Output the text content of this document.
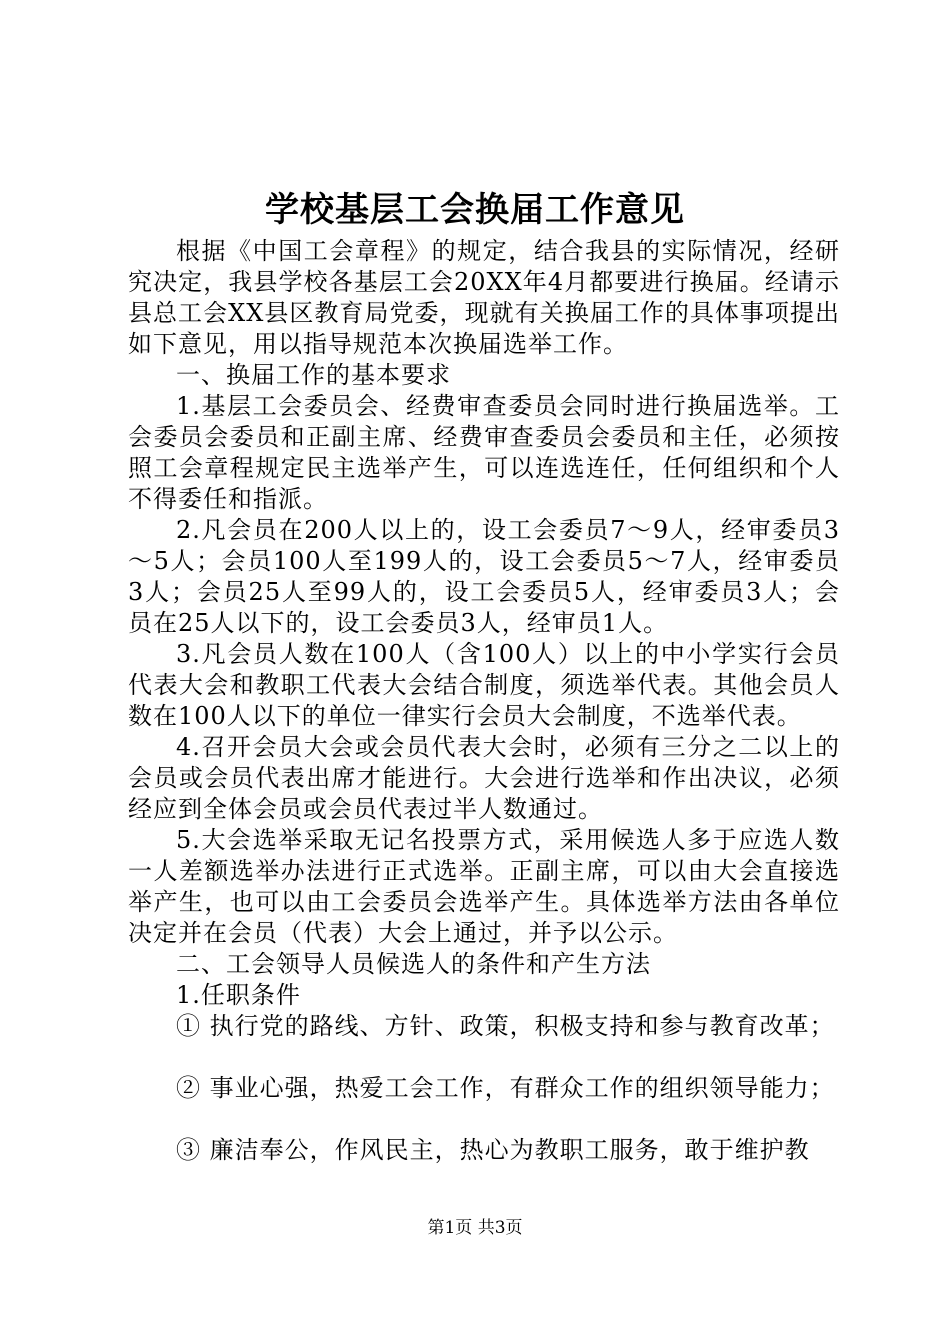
学校基层工会换届工作意见

根据《中国工会章程》的规定，结合我县的实际情况，经研究决定，我县学校各基层工会20XX年4月都要进行换届。经请示县总工会XX县区教育局党委，现就有关换届工作的具体事项提出如下意见，用以指导规范本次换届选举工作。

一、换届工作的基本要求

1.基层工会委员会、经费审查委员会同时进行换届选举。工会委员会委员和正副主席、经费审查委员会委员和主任，必须按照工会章程规定民主选举产生，可以连选连任，任何组织和个人不得委任和指派。

2.凡会员在200人以上的，设工会委员7～9人，经审委员3～5人；会员100人至199人的，设工会委员5～7人，经审委员3人；会员25人至99人的，设工会委员5人，经审委员3人；会员在25人以下的，设工会委员3人，经审员1人。

3.凡会员人数在100人（含100人）以上的中小学实行会员代表大会和教职工代表大会结合制度，须选举代表。其他会员人数在100人以下的单位一律实行会员大会制度，不选举代表。

4.召开会员大会或会员代表大会时，必须有三分之二以上的会员或会员代表出席才能进行。大会进行选举和作出决议，必须经应到全体会员或会员代表过半人数通过。

5.大会选举采取无记名投票方式，采用候选人多于应选人数一人差额选举办法进行正式选举。正副主席，可以由大会直接选举产生，也可以由工会委员会选举产生。具体选举方法由各单位决定并在会员（代表）大会上通过，并予以公示。

二、工会领导人员候选人的条件和产生方法

1.任职条件

① 执行党的路线、方针、政策，积极支持和参与教育改革；

② 事业心强，热爱工会工作，有群众工作的组织领导能力；

③ 廉洁奉公，作风民主，热心为教职工服务，敢于维护教

第1页 共3页
